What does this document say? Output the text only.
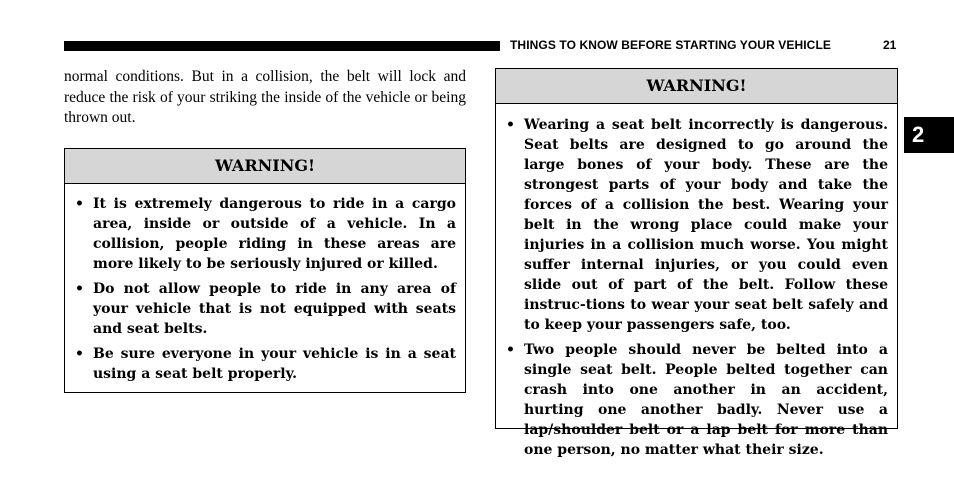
THINGS TO KNOW BEFORE STARTING YOUR VEHICLE	21
2

normal conditions. But in a collision, the belt will lock and reduce the risk of your striking the inside of the vehicle or being thrown out.

WARNING!
• It is extremely dangerous to ride in a cargo area, inside or outside of a vehicle. In a collision, people riding in these areas are more likely to be seriously injured or killed.
• Do not allow people to ride in any area of your vehicle that is not equipped with seats and seat belts.
• Be sure everyone in your vehicle is in a seat using a seat belt properly.
WARNING!
• Wearing a seat belt incorrectly is dangerous. Seat belts are designed to go around the large bones of your body. These are the strongest parts of your body and take the forces of a collision the best. Wearing your belt in the wrong place could make your injuries in a collision much worse. You might suffer internal injuries, or you could even slide out of part of the belt. Follow these instruc-tions to wear your seat belt safely and to keep your passengers safe, too.
• Two people should never be belted into a single seat belt. People belted together can crash into one another in an accident, hurting one another badly. Never use a lap/shoulder belt or a lap belt for more than one person, no matter what their size.
